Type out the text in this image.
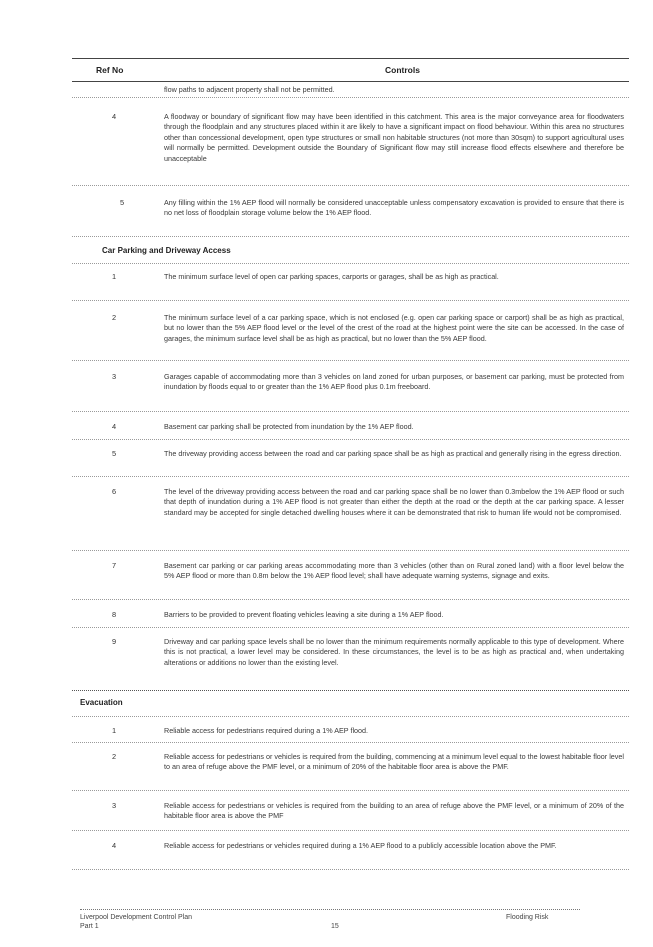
Ref No	Controls
flow paths to adjacent property shall not be permitted.
4	A floodway or boundary of significant flow may have been identified in this catchment. This area is the major conveyance area for floodwaters through the floodplain and any structures placed within it are likely to have a significant impact on flood behaviour. Within this area no structures other than concessional development, open type structures or small non habitable structures (not more than 30sqm) to support agricultural uses will normally be permitted. Development outside the Boundary of Significant flow may still increase flood effects elsewhere and therefore be unacceptable
5	Any filling within the 1% AEP flood will normally be considered unacceptable unless compensatory excavation is provided to ensure that there is no net loss of floodplain storage volume below the 1% AEP flood.
Car Parking and Driveway Access
1	The minimum surface level of open car parking spaces, carports or garages, shall be as high as practical.
2	The minimum surface level of a car parking space, which is not enclosed (e.g. open car parking space or carport) shall be as high as practical, but no lower than the 5% AEP flood level or the level of the crest of the road at the highest point were the site can be accessed. In the case of garages, the minimum surface level shall be as high as practical, but no lower than the 5% AEP flood.
3	Garages capable of accommodating more than 3 vehicles on land zoned for urban purposes, or basement car parking, must be protected from inundation by floods equal to or greater than the 1% AEP flood plus 0.1m freeboard.
4	Basement car parking shall be protected from inundation by the 1% AEP flood.
5	The driveway providing access between the road and car parking space shall be as high as practical and generally rising in the egress direction.
6	The level of the driveway providing access between the road and car parking space shall be no lower than 0.3mbelow the 1% AEP flood or such that depth of inundation during a 1% AEP flood is not greater than either the depth at the road or the depth at the car parking space. A lesser standard may be accepted for single detached dwelling houses where it can be demonstrated that risk to human life would not be compromised.
7	Basement car parking or car parking areas accommodating more than 3 vehicles (other than on Rural zoned land) with a floor level below the 5% AEP flood or more than 0.8m below the 1% AEP flood level; shall have adequate warning systems, signage and exits.
8	Barriers to be provided to prevent floating vehicles leaving a site during a 1% AEP flood.
9	Driveway and car parking space levels shall be no lower than the minimum requirements normally applicable to this type of development. Where this is not practical, a lower level may be considered. In these circumstances, the level is to be as high as practical and, when undertaking alterations or additions no lower than the existing level.
Evacuation
1	Reliable access for pedestrians required during a 1% AEP flood.
2	Reliable access for pedestrians or vehicles is required from the building, commencing at a minimum level equal to the lowest habitable floor level to an area of refuge above the PMF level, or a minimum of 20% of the habitable floor area is above the PMF.
3	Reliable access for pedestrians or vehicles is required from the building to an area of refuge above the PMF level, or a minimum of 20% of the habitable floor area is above the PMF
4	Reliable access for pedestrians or vehicles required during a 1% AEP flood to a publicly accessible location above the PMF.
Liverpool Development Control Plan
Part 1	15
Flooding Risk
